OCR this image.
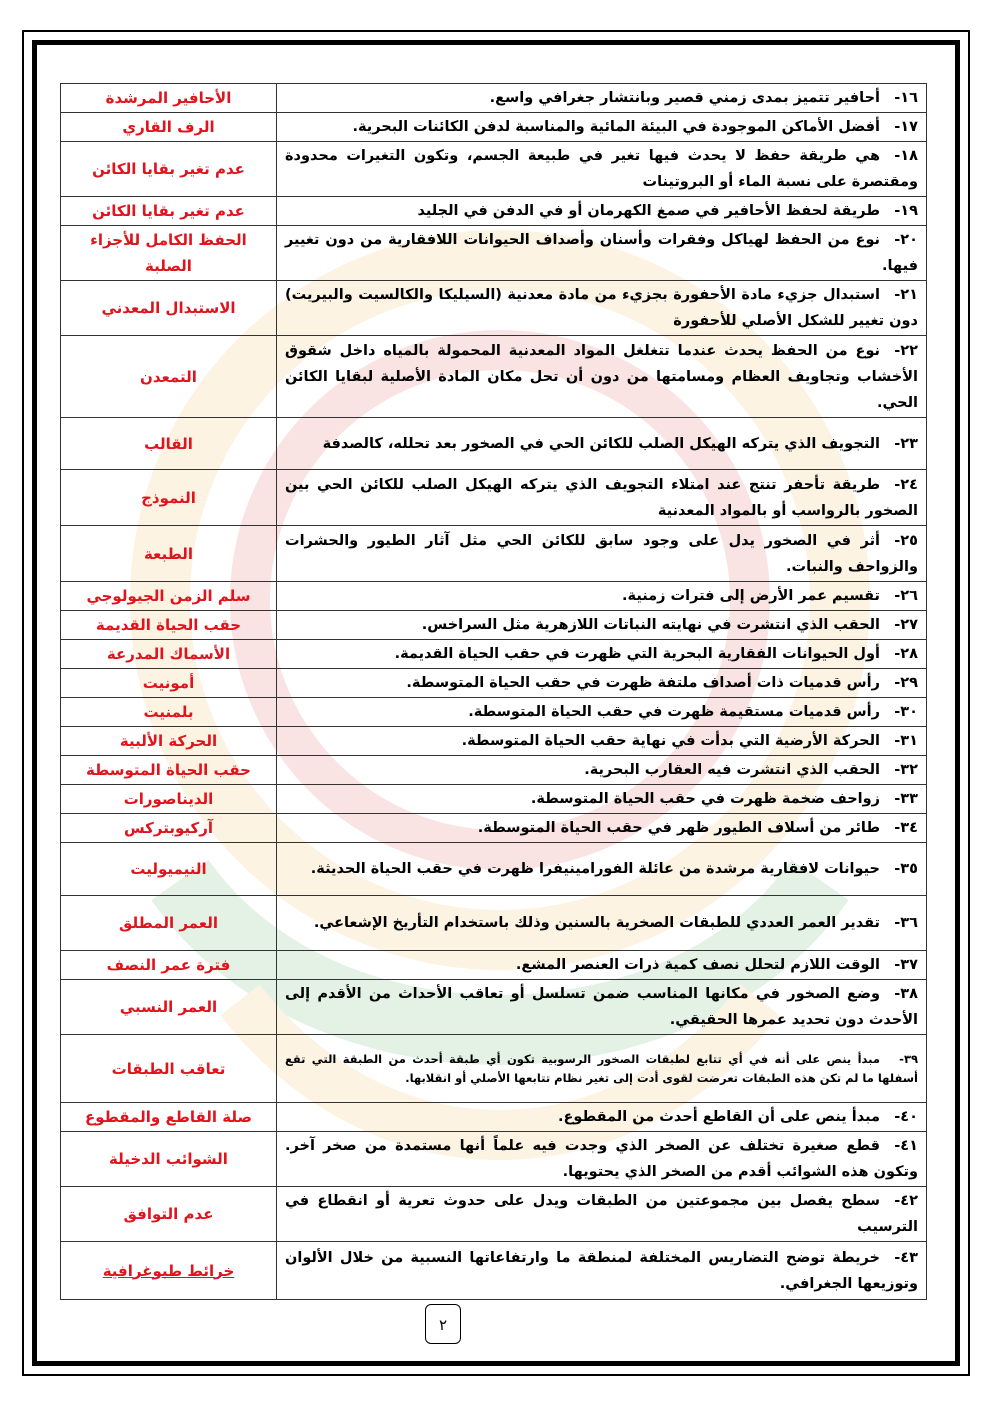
١٦-أحافير تتميز بمدى زمني قصير وبانتشار جغرافي واسع.	الأحافير المرشدة
١٧-أفضل الأماكن الموجودة في البيئة المائية والمناسبة لدفن الكائنات البحرية.	الرف القاري
١٨-هي طريقة حفظ لا يحدث فيها تغير في طبيعة الجسم، وتكون التغيرات محدودة ومقتصرة على نسبة الماء أو البروتينات	عدم تغير بقايا الكائن
١٩-طريقة لحفظ الأحافير في صمغ الكهرمان أو في الدفن في الجليد	عدم تغير بقايا الكائن
٢٠-نوع من الحفظ لهياكل وفقرات وأسنان وأصداف الحيوانات اللافقارية من دون تغيير فيها.	الحفظ الكامل للأجزاء الصلبة
٢١-استبدال جزيء مادة الأحفورة بجزيء من مادة معدنية (السيليكا والكالسيت والبيريت) دون تغيير للشكل الأصلي للأحفورة	الاستبدال المعدني
٢٢-نوع من الحفظ يحدث عندما تتغلغل المواد المعدنية المحمولة بالمياه داخل شقوق الأخشاب وتجاويف العظام ومسامتها من دون أن تحل مكان المادة الأصلية لبقايا الكائن الحي.	التمعدن
٢٣-التجويف الذي يتركه الهيكل الصلب للكائن الحي في الصخور بعد تحلله، كالصدفة	القالب
٢٤-طريقة تأحفر تنتج عند امتلاء التجويف الذي يتركه الهيكل الصلب للكائن الحي بين الصخور بالرواسب أو بالمواد المعدنية	النموذج
٢٥-أثر في الصخور يدل على وجود سابق للكائن الحي مثل آثار الطيور والحشرات والزواحف والنبات.	الطبعة
٢٦-تقسيم عمر الأرض إلى فترات زمنية.	سلم الزمن الجيولوجي
٢٧-الحقب الذي انتشرت في نهايته النباتات اللازهرية مثل السراخس.	حقب الحياة القديمة
٢٨-أول الحيوانات الفقارية البحرية التي ظهرت في حقب الحياة القديمة.	الأسماك المدرعة
٢٩-رأس قدميات ذات أصداف ملتفة ظهرت في حقب الحياة المتوسطة.	أمونيت
٣٠-رأس قدميات مستقيمة ظهرت في حقب الحياة المتوسطة.	بلمنيت
٣١-الحركة الأرضية التي بدأت في نهاية حقب الحياة المتوسطة.	الحركة الألبية
٣٢-الحقب الذي انتشرت فيه العقارب البحرية.	حقب الحياة المتوسطة
٣٣-زواحف ضخمة ظهرت في حقب الحياة المتوسطة.	الديناصورات
٣٤-طائر من أسلاف الطيور ظهر في حقب الحياة المتوسطة.	آركيوبتركس
٣٥-حيوانات لافقارية مرشدة من عائلة الفورامينيفرا ظهرت في حقب الحياة الحديثة.	النيميوليت
٣٦-تقدير العمر العددي للطبقات الصخرية بالسنين وذلك باستخدام التأريخ الإشعاعي.	العمر المطلق
٣٧-الوقت اللازم لتحلل نصف كمية ذرات العنصر المشع.	فترة عمر النصف
٣٨-وضع الصخور في مكانها المناسب ضمن تسلسل أو تعاقب الأحداث من الأقدم إلى الأحدث دون تحديد عمرها الحقيقي.	العمر النسبي
٣٩-مبدأ ينص على أنه في أي تتابع لطبقات الصخور الرسوبية تكون أي طبقة أحدث من الطبقة التي تقع أسفلها ما لم تكن هذه الطبقات تعرضت لقوى أدت إلى تغير نظام تتابعها الأصلي أو انقلابها.	تعاقب الطبقات
٤٠-مبدأ ينص على أن القاطع أحدث من المقطوع.	صلة القاطع والمقطوع
٤١-قطع صغيرة تختلف عن الصخر الذي وجدت فيه علماً أنها مستمدة من صخر آخر. وتكون هذه الشوائب أقدم من الصخر الذي يحتويها.	الشوائب الدخيلة
٤٢-سطح يفصل بين مجموعتين من الطبقات ويدل على حدوث تعرية أو انقطاع في الترسيب	عدم التوافق
٤٣-خريطة توضح التضاريس المختلفة لمنطقة ما وارتفاعاتها النسبية من خلال الألوان وتوزيعها الجغرافي.	خرائط طبوغرافية
٢
